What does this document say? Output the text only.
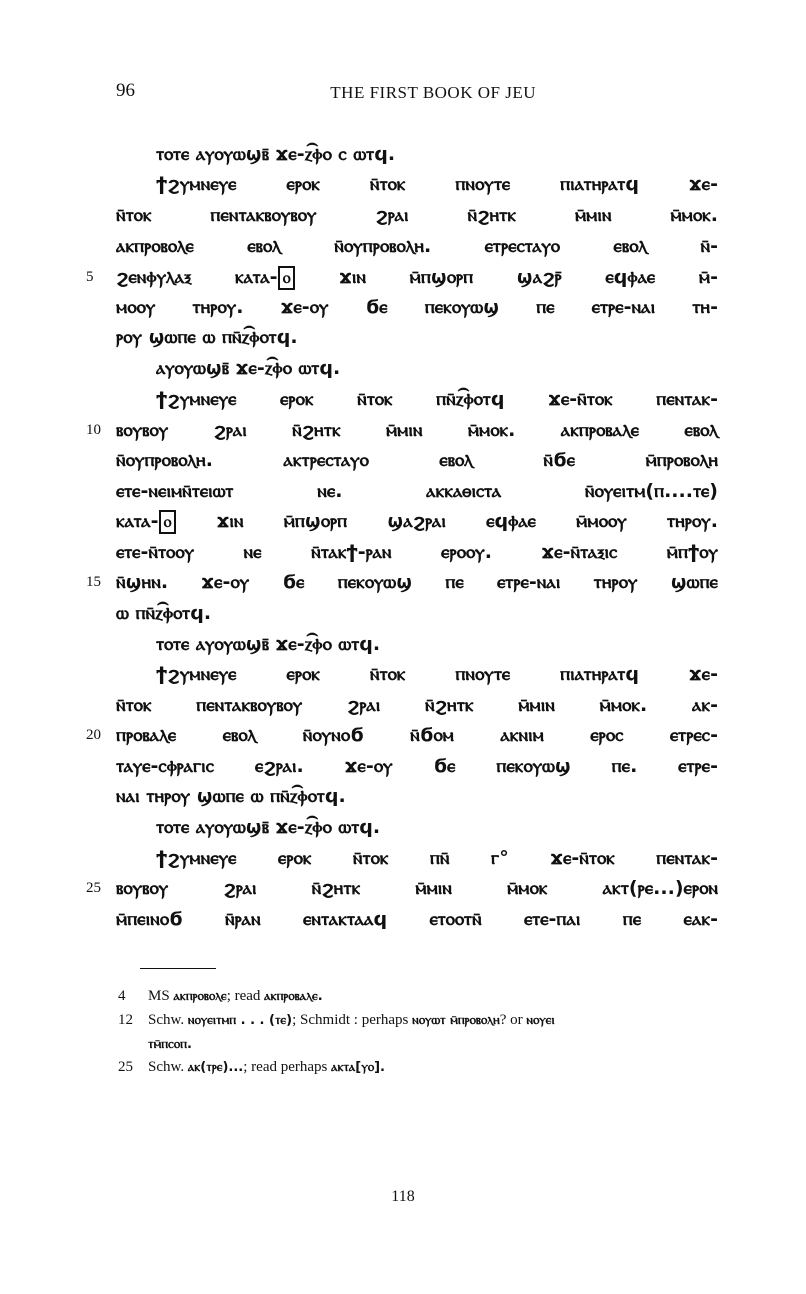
96	THE FIRST BOOK OF JEU
ⲧⲟⲧⲉ ⲁⲩⲟⲩⲱϣⲃ̄ ϫⲉ-ⲍ͡ⲫⲟ ⲥ ⲱⲧϥ.
ϯϩⲩⲙⲛⲉⲩⲉ ⲉⲣⲟⲕ ⲛ̄ⲧⲟⲕ ⲡⲛⲟⲩⲧⲉ ⲡⲓⲁⲧⲏⲣⲁⲧϥ ϫⲉ-
ⲛ̄ⲧⲟⲕ ⲡⲉⲛⲧⲁⲕⲃⲟⲩⲃⲟⲩ ϩⲣⲁⲓ ⲛ̄ϩⲏⲧⲕ ⲙ̄ⲙⲓⲛ ⲙ̄ⲙⲟⲕ.
ⲁⲕⲡⲣⲟⲃⲟⲗⲉ ⲉⲃⲟⲗ ⲛ̄ⲟⲩⲡⲣⲟⲃⲟⲗⲏ. ⲉⲧⲣⲉⲥⲧⲁⲩⲟ ⲉⲃⲟⲗ ⲛ̄-
ϩⲉⲛⲫⲩⲗⲁⲝ ⲕⲁⲧⲁ- ⲟ ϫⲓⲛ ⲙ̄ⲡϣⲟⲣⲡ ϣⲁϩⲣ̄ ⲉϥⲫⲁⲉ ⲙ̄-
5
ⲙⲟⲟⲩ ⲧⲏⲣⲟⲩ. ϫⲉ-ⲟⲩ ϭⲉ ⲡⲉⲕⲟⲩⲱϣ ⲡⲉ ⲉⲧⲣⲉ-ⲛⲁⲓ ⲧⲏ-
ⲣⲟⲩ ϣⲱⲡⲉ ⲱ ⲡⲛ̄ⲍ͡ⲫⲟⲧϥ.
ⲁⲩⲟⲩⲱϣⲃ̄ ϫⲉ-ⲍ͡ⲫⲟ ⲱⲧϥ.
ϯϩⲩⲙⲛⲉⲩⲉ ⲉⲣⲟⲕ ⲛ̄ⲧⲟⲕ ⲡⲛ̄ⲍ͡ⲫⲟⲧϥ ϫⲉ-ⲛ̄ⲧⲟⲕ ⲡⲉⲛⲧⲁⲕ-
ⲃⲟⲩⲃⲟⲩ ϩⲣⲁⲓ ⲛ̄ϩⲏⲧⲕ ⲙ̄ⲙⲓⲛ ⲙ̄ⲙⲟⲕ. ⲁⲕⲡⲣⲟⲃⲁⲗⲉ ⲉⲃⲟⲗ
10
ⲛ̄ⲟⲩⲡⲣⲟⲃⲟⲗⲏ. ⲁⲕⲧⲣⲉⲥⲧⲁⲩⲟ ⲉⲃⲟⲗ ⲛ̄ϭⲉ ⲙ̄ⲡⲣⲟⲃⲟⲗⲏ
ⲉⲧⲉ-ⲛⲉⲓⲙⲛ̄ⲧⲉⲓⲱⲧ ⲛⲉ. ⲁⲕⲕⲁⲑⲓⲥⲧⲁ ⲛ̄ⲟⲩⲉⲓⲧⲙ(ⲡ....ⲧⲉ)
ⲕⲁⲧⲁ- ⲟ ϫⲓⲛ ⲙ̄ⲡϣⲟⲣⲡ ϣⲁϩⲣⲁⲓ ⲉϥⲫⲁⲉ ⲙ̄ⲙⲟⲟⲩ ⲧⲏⲣⲟⲩ.
ⲉⲧⲉ-ⲛ̄ⲧⲟⲟⲩ ⲛⲉ ⲛ̄ⲧⲁⲕϯ-ⲣⲁⲛ ⲉⲣⲟⲟⲩ. ϫⲉ-ⲛ̄ⲧⲁⲝⲓⲥ ⲙ̄ⲡϯⲟⲩ
ⲛ̄ϣⲏⲛ. ϫⲉ-ⲟⲩ ϭⲉ ⲡⲉⲕⲟⲩⲱϣ ⲡⲉ ⲉⲧⲣⲉ-ⲛⲁⲓ ⲧⲏⲣⲟⲩ ϣⲱⲡⲉ
15
ⲱ ⲡⲛ̄ⲍ͡ⲫⲟⲧϥ.
ⲧⲟⲧⲉ ⲁⲩⲟⲩⲱϣⲃ̄ ϫⲉ-ⲍ͡ⲫⲟ ⲱⲧϥ.
ϯϩⲩⲙⲛⲉⲩⲉ ⲉⲣⲟⲕ ⲛ̄ⲧⲟⲕ ⲡⲛⲟⲩⲧⲉ ⲡⲓⲁⲧⲏⲣⲁⲧϥ ϫⲉ-
ⲛ̄ⲧⲟⲕ ⲡⲉⲛⲧⲁⲕⲃⲟⲩⲃⲟⲩ ϩⲣⲁⲓ ⲛ̄ϩⲏⲧⲕ ⲙ̄ⲙⲓⲛ ⲙ̄ⲙⲟⲕ. ⲁⲕ-
ⲡⲣⲟⲃⲁⲗⲉ ⲉⲃⲟⲗ ⲛ̄ⲟⲩⲛⲟϭ ⲛ̄ϭⲟⲙ ⲁⲕⲛⲓⲙ ⲉⲣⲟⲥ ⲉⲧⲣⲉⲥ-
20
ⲧⲁⲩⲉ-ⲥⲫⲣⲁⲅⲓⲥ ⲉϩⲣⲁⲓ. ϫⲉ-ⲟⲩ ϭⲉ ⲡⲉⲕⲟⲩⲱϣ ⲡⲉ. ⲉⲧⲣⲉ-
ⲛⲁⲓ ⲧⲏⲣⲟⲩ ϣⲱⲡⲉ ⲱ ⲡⲛ̄ⲍ͡ⲫⲟⲧϥ.
ⲧⲟⲧⲉ ⲁⲩⲟⲩⲱϣⲃ̄ ϫⲉ-ⲍ͡ⲫⲟ ⲱⲧϥ.
ϯϩⲩⲙⲛⲉⲩⲉ ⲉⲣⲟⲕ ⲛ̄ⲧⲟⲕ ⲡⲛ̄ ⲅ° ϫⲉ-ⲛ̄ⲧⲟⲕ ⲡⲉⲛⲧⲁⲕ-
ⲃⲟⲩⲃⲟⲩ ϩⲣⲁⲓ ⲛ̄ϩⲏⲧⲕ ⲙ̄ⲙⲓⲛ ⲙ̄ⲙⲟⲕ ⲁⲕⲧ(ⲣⲉ...)ⲉⲣⲟⲛ
25
ⲙ̄ⲡⲉⲓⲛⲟϭ ⲛ̄ⲣⲁⲛ ⲉⲛⲧⲁⲕⲧⲁⲁϥ ⲉⲧⲟⲟⲧⲛ̄ ⲉⲧⲉ-ⲡⲁⲓ ⲡⲉ ⲉⲁⲕ-
4 MS ⲁⲕⲡⲣⲟⲃⲟⲗⲉ; read ⲁⲕⲡⲣⲟⲃⲁⲗⲉ.
12 Schw. ⲛⲟⲩⲉⲓⲧⲙⲡ . . . (ⲧⲉ); Schmidt : perhaps ⲛⲟⲩⲱⲧ ⲙ̄ⲡⲣⲟⲃⲟⲗⲏ? or ⲛⲟⲩⲉⲓ
ⲧⲙ̄ⲡⲥⲟⲡ.
25 Schw. ⲁⲕ(ⲧⲣⲉ)...; read perhaps ⲁⲕⲧⲁ[ⲩⲟ].
118
